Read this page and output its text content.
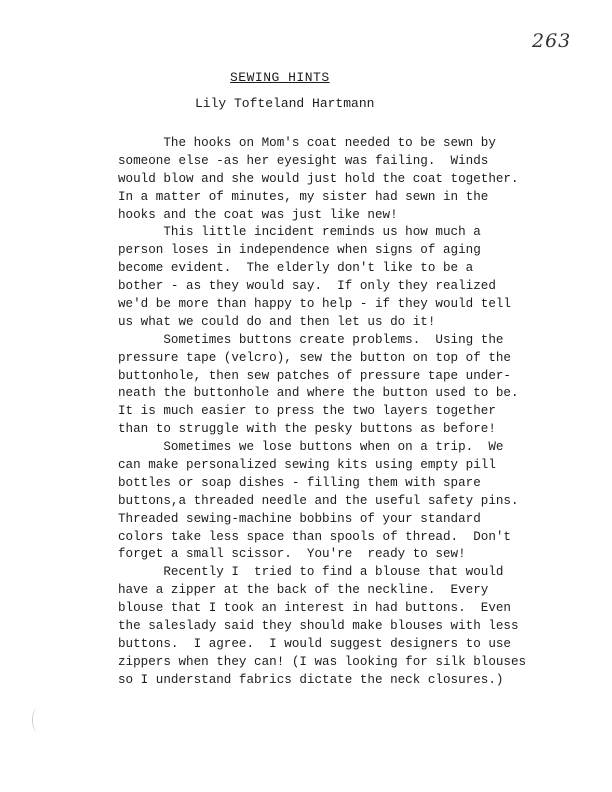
263
SEWING HINTS
Lily Tofteland Hartmann
The hooks on Mom's coat needed to be sewn by
someone else -as her eyesight was failing.  Winds
would blow and she would just hold the coat together.
In a matter of minutes, my sister had sewn in the
hooks and the coat was just like new!
This little incident reminds us how much a
person loses in independence when signs of aging
become evident.  The elderly don't like to be a
bother - as they would say.  If only they realized
we'd be more than happy to help - if they would tell
us what we could do and then let us do it!
Sometimes buttons create problems.  Using the
pressure tape (velcro), sew the button on top of the
buttonhole, then sew patches of pressure tape under-
neath the buttonhole and where the button used to be.
It is much easier to press the two layers together
than to struggle with the pesky buttons as before!
Sometimes we lose buttons when on a trip.  We
can make personalized sewing kits using empty pill
bottles or soap dishes - filling them with spare
buttons,a threaded needle and the useful safety pins.
Threaded sewing-machine bobbins of your standard
colors take less space than spools of thread.  Don't
forget a small scissor.  You're  ready to sew!
Recently I  tried to find a blouse that would
have a zipper at the back of the neckline.  Every
blouse that I took an interest in had buttons.  Even
the saleslady said they should make blouses with less
buttons.  I agree.  I would suggest designers to use
zippers when they can! (I was looking for silk blouses
so I understand fabrics dictate the neck closures.)
